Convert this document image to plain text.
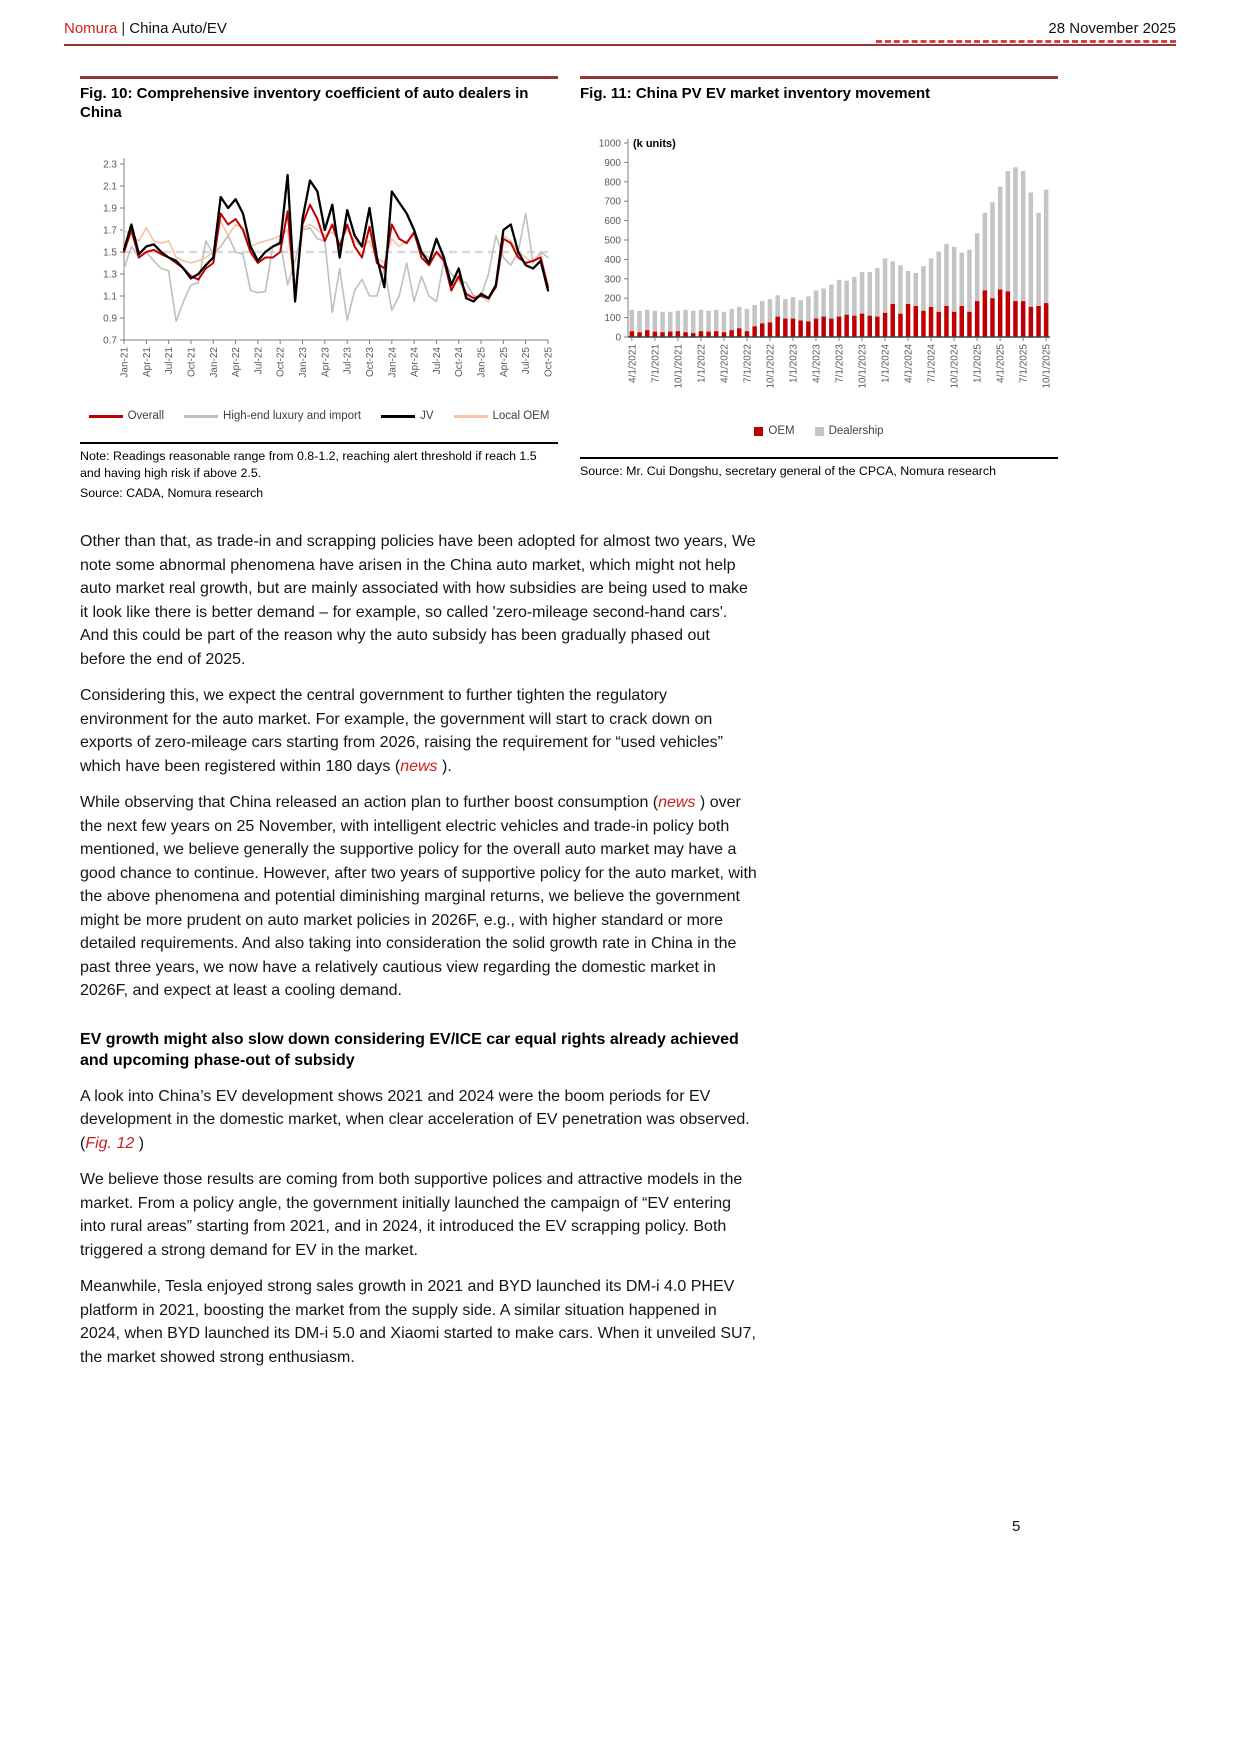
Nomura | China Auto/EV	28 November 2025
Fig. 10: Comprehensive inventory coefficient of auto dealers in China
0.7
0.9
1.1
1.3
1.5
1.7
1.9
2.1
2.3
Jan-21 Apr-21 Jul-21 Oct-21 Jan-22 Apr-22 Jul-22 Oct-22 Jan-23 Apr-23 Jul-23 Oct-23 Jan-24 Apr-24 Jul-24 Oct-24 Jan-25 Apr-25 Jul-25 Oct-25
Overall	High-end luxury and import	JV	Local OEM

Note: Readings reasonable range from 0.8-1.2, reaching alert threshold if reach 1.5 and having high risk if above 2.5.

Source: CADA, Nomura research

Fig. 11: China PV EV market inventory movement
0
100
200
300
400
500
600
700
800
900
1000 (k units)
4/1/2021 7/1/2021 10/1/2021 1/1/2022 4/1/2022 7/1/2022 10/1/2022 1/1/2023 4/1/2023 7/1/2023 10/1/2023 1/1/2024 4/1/2024 7/1/2024 10/1/2024 1/1/2025 4/1/2025 7/1/2025 10/1/2025
OEM	Dealership

Source: Mr. Cui Dongshu, secretary general of the CPCA, Nomura research

Other than that, as trade-in and scrapping policies have been adopted for almost two years, We note some abnormal phenomena have arisen in the China auto market, which might not help auto market real growth, but are mainly associated with how subsidies are being used to make it look like there is better demand – for example, so called 'zero-mileage second-hand cars'. And this could be part of the reason why the auto subsidy has been gradually phased out before the end of 2025.

Considering this, we expect the central government to further tighten the regulatory environment for the auto market. For example, the government will start to crack down on exports of zero-mileage cars starting from 2026, raising the requirement for “used vehicles” which have been registered within 180 days (news ).

While observing that China released an action plan to further boost consumption (news ) over the next few years on 25 November, with intelligent electric vehicles and trade-in policy both mentioned, we believe generally the supportive policy for the overall auto market may have a good chance to continue. However, after two years of supportive policy for the auto market, with the above phenomena and potential diminishing marginal returns, we believe the government might be more prudent on auto market policies in 2026F, e.g., with higher standard or more detailed requirements. And also taking into consideration the solid growth rate in China in the past three years, we now have a relatively cautious view regarding the domestic market in 2026F, and expect at least a cooling demand.

EV growth might also slow down considering EV/ICE car equal rights already achieved and upcoming phase-out of subsidy

A look into China’s EV development shows 2021 and 2024 were the boom periods for EV development in the domestic market, when clear acceleration of EV penetration was observed. (Fig. 12 )

We believe those results are coming from both supportive polices and attractive models in the market. From a policy angle, the government initially launched the campaign of “EV entering into rural areas” starting from 2021, and in 2024, it introduced the EV scrapping policy. Both triggered a strong demand for EV in the market.

Meanwhile, Tesla enjoyed strong sales growth in 2021 and BYD launched its DM-i 4.0 PHEV platform in 2021, boosting the market from the supply side. A similar situation happened in 2024, when BYD launched its DM-i 5.0 and Xiaomi started to make cars. When it unveiled SU7, the market showed strong enthusiasm.

5
